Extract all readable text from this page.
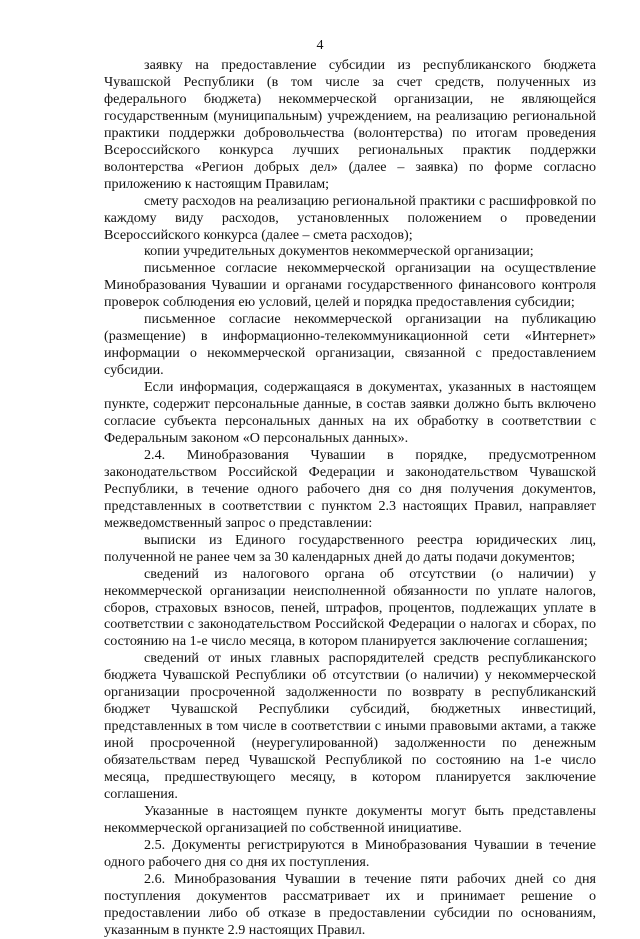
4

заявку на предоставление субсидии из республиканского бюджета Чувашской Республики (в том числе за счет средств, полученных из федерального бюджета) некоммерческой организации, не являющейся государственным (муниципальным) учреждением, на реализацию региональной практики поддержки добровольчества (волонтерства) по итогам проведения Всероссийского конкурса лучших региональных практик поддержки волонтерства «Регион добрых дел» (далее – заявка) по форме согласно приложению к настоящим Правилам;

смету расходов на реализацию региональной практики с расшифровкой по каждому виду расходов, установленных положением о проведении Всероссийского конкурса (далее – смета расходов);

копии учредительных документов некоммерческой организации;

письменное согласие некоммерческой организации на осуществление Минобразования Чувашии и органами государственного финансового контроля проверок соблюдения ею условий, целей и порядка предоставления субсидии;

письменное согласие некоммерческой организации на публикацию (размещение) в информационно-телекоммуникационной сети «Интернет» информации о некоммерческой организации, связанной с предоставлением субсидии.

Если информация, содержащаяся в документах, указанных в настоящем пункте, содержит персональные данные, в состав заявки должно быть включено согласие субъекта персональных данных на их обработку в соответствии с Федеральным законом «О персональных данных».

2.4. Минобразования Чувашии в порядке, предусмотренном законодательством Российской Федерации и законодательством Чувашской Республики, в течение одного рабочего дня со дня получения документов, представленных в соответствии с пунктом 2.3 настоящих Правил, направляет межведомственный запрос о представлении:

выписки из Единого государственного реестра юридических лиц, полученной не ранее чем за 30 календарных дней до даты подачи документов;

сведений из налогового органа об отсутствии (о наличии) у некоммерческой организации неисполненной обязанности по уплате налогов, сборов, страховых взносов, пеней, штрафов, процентов, подлежащих уплате в соответствии с законодательством Российской Федерации о налогах и сборах, по состоянию на 1-е число месяца, в котором планируется заключение соглашения;

сведений от иных главных распорядителей средств республиканского бюджета Чувашской Республики об отсутствии (о наличии) у некоммерческой организации просроченной задолженности по возврату в республиканский бюджет Чувашской Республики субсидий, бюджетных инвестиций, представленных в том числе в соответствии с иными правовыми актами, а также иной просроченной (неурегулированной) задолженности по денежным обязательствам перед Чувашской Республикой по состоянию на 1-е число месяца, предшествующего месяцу, в котором планируется заключение соглашения.

Указанные в настоящем пункте документы могут быть представлены некоммерческой организацией по собственной инициативе.

2.5. Документы регистрируются в Минобразования Чувашии в течение одного рабочего дня со дня их поступления.

2.6. Минобразования Чувашии в течение пяти рабочих дней со дня поступления документов рассматривает их и принимает решение о предоставлении либо об отказе в предоставлении субсидии по основаниям, указанным в пункте 2.9 настоящих Правил.
